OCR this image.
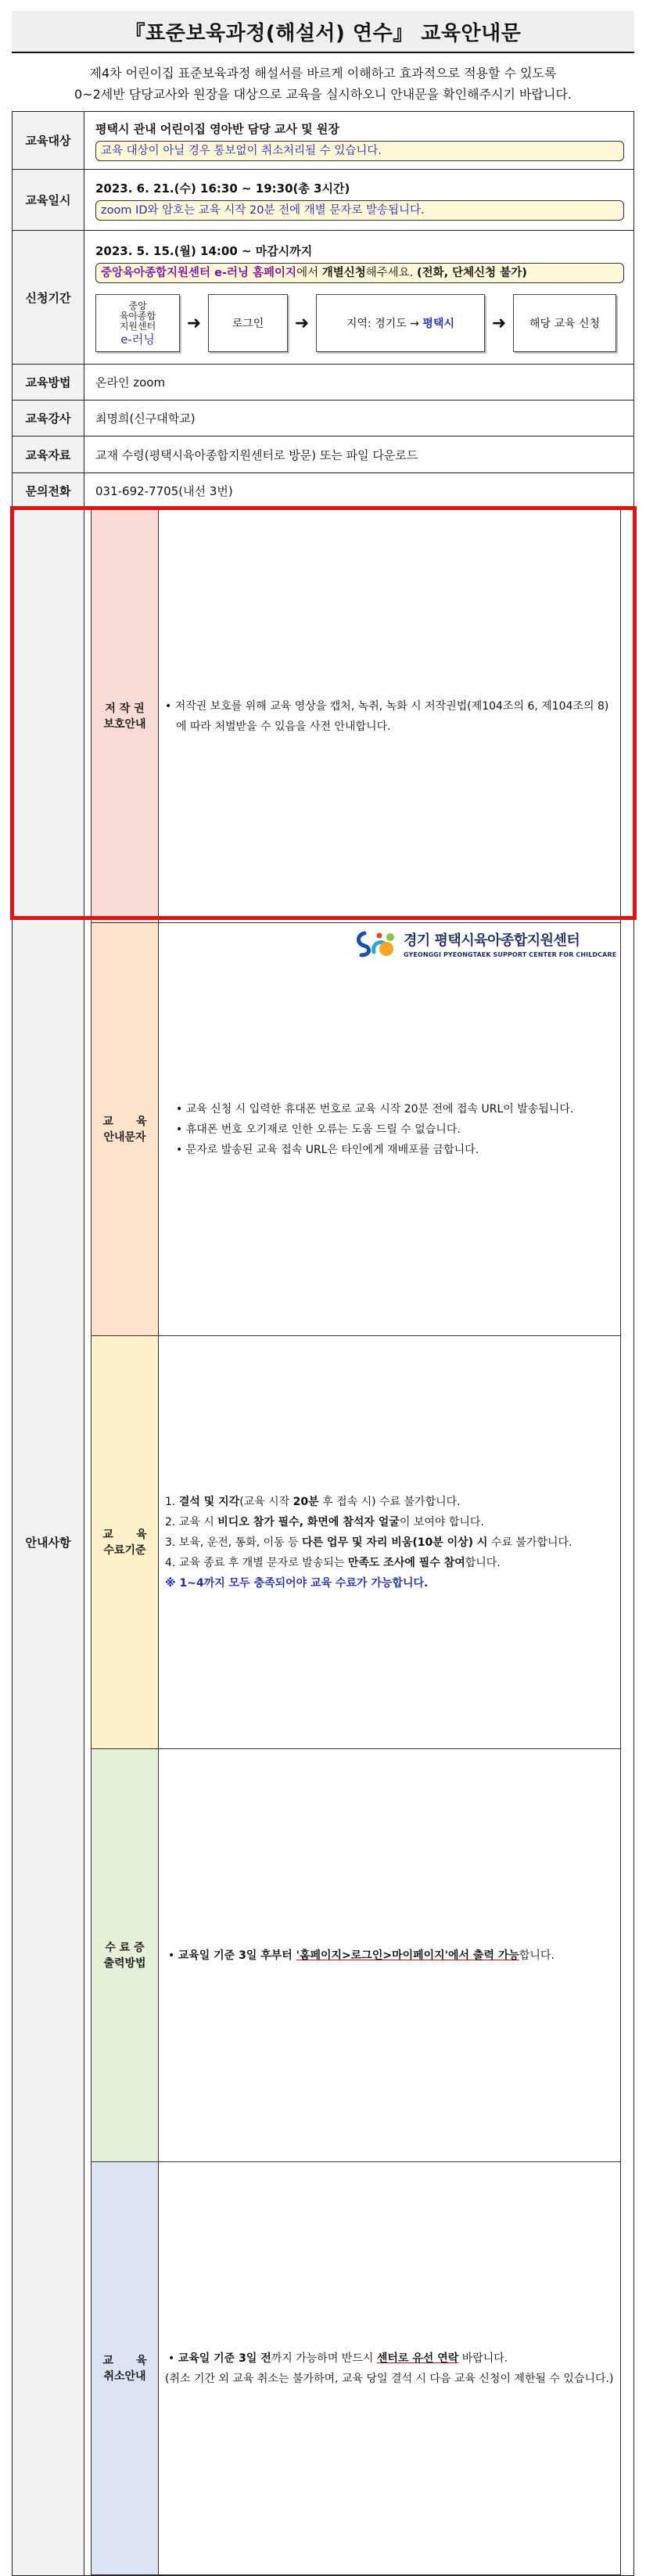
『표준보육과정(해설서) 연수』 교육안내문
제4차 어린이집 표준보육과정 해설서를 바르게 이해하고 효과적으로 적용할 수 있도록
0~2세반 담당교사와 원장을 대상으로 교육을 실시하오니 안내문을 확인해주시기 바랍니다.
교육대상	
평택시 관내 어린이집 영아반 담당 교사 및 원장
교육 대상이 아닐 경우 통보없이 취소처리될 수 있습니다.

교육일시	
2023. 6. 21.(수) 16:30 ~ 19:30(총 3시간)
zoom ID와 암호는 교육 시작 20분 전에 개별 문자로 발송됩니다.

신청기간	
2023. 5. 15.(월) 14:00 ~ 마감시까지
중앙육아종합지원센터 e-러닝 홈페이지에서 개별신청해주세요. (전화, 단체신청 불가)
중앙
육아종합
지원센터
e-러닝
➜	로그인	➜	지역: 경기도 →
평택시	➜	해당 교육 신청

교육방법	온라인 zoom
교육강사	최명희(신구대학교)
교육자료	교재 수령(평택시육아종합지원센터로 방문) 또는 파일 다운로드
문의전화	031-692-7705(내선 3번)
안내사항	
저 작 권
보호안내
	• 저작권 보호를 위해 교육 영상을 캡처, 녹취, 녹화 시 저작권법(제104조의 6, 제104조의 8)에 따라 처벌받을 수 있음을 사전 안내합니다.

교      육
안내문자

• 교육 신청 시 입력한 휴대폰 번호로 교육 시작 20분 전에 접속 URL이 발송됩니다.
• 휴대폰 번호 오기재로 인한 오류는 도움 드릴 수 없습니다.
• 문자로 발송된 교육 접속 URL은 타인에게 재배포를 금합니다.

교      육
수료기준

1. 결석 및 지각(교육 시작 20분 후 접속 시) 수료 불가합니다.
2. 교육 시 비디오 참가 필수, 화면에 참석자 얼굴이 보여야 합니다.
3. 보육, 운전, 통화, 이동 등 다른 업무 및 자리 비움(10분 이상) 시 수료 불가합니다.
4. 교육 종료 후 개별 문자로 발송되는 만족도 조사에 필수 참여합니다.
※ 1~4까지 모두 충족되어야 교육 수료가 가능합니다.

수 료 증
출력방법
	• 교육일 기준 3일 후부터 '홈페이지>로그인>마이페이지'에서 출력 가능합니다.

교      육
취소안내

• 교육일 기준 3일 전까지 가능하며 반드시 센터로 유선 연락 바랍니다.
(취소 기간 외 교육 취소는 불가하며, 교육 당일 결석 시 다음 교육 신청이 제한될 수 있습니다.)
경기 평택시육아종합지원센터
GYEONGGI PYEONGTAEK SUPPORT CENTER FOR CHILDCARE
